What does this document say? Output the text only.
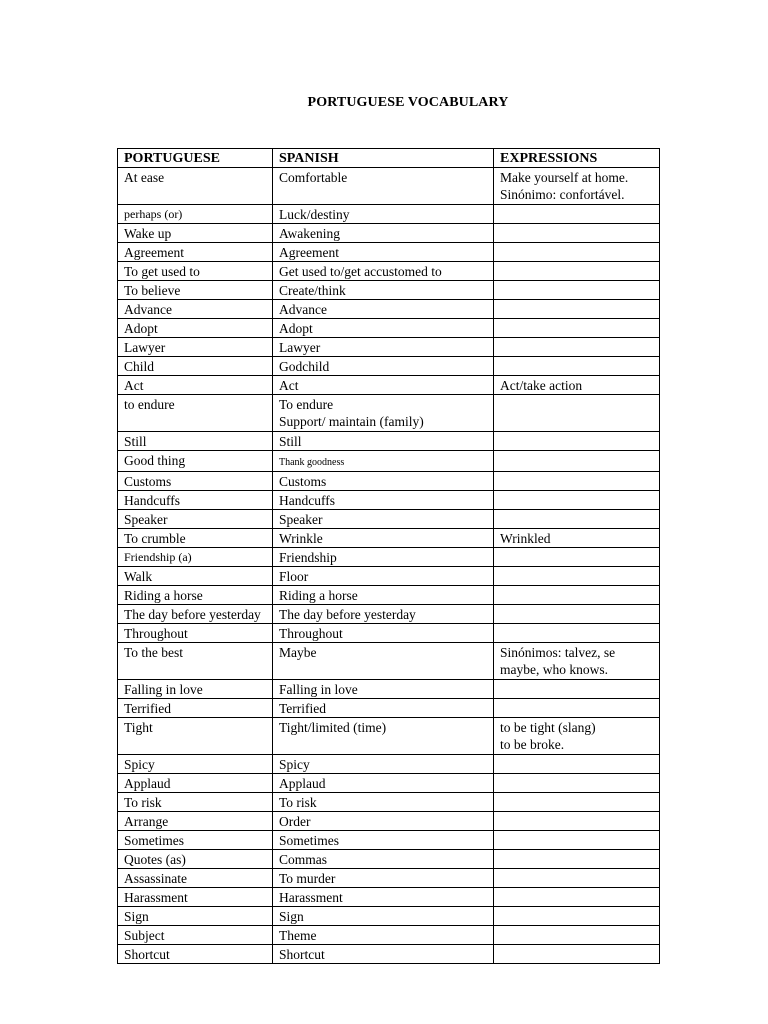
PORTUGUESE VOCABULARY
PORTUGUESE	SPANISH	EXPRESSIONS
At ease	Comfortable	Make yourself at home.
Sinónimo: confortável.

perhaps (or)	Luck/destiny	
Wake up	Awakening	
Agreement	Agreement	
To get used to	Get used to/get accustomed to	
To believe	Create/think	
Advance	Advance	
Adopt	Adopt	
Lawyer	Lawyer	
Child	Godchild	
Act	Act	Act/take action
to endure	To endure
Support/ maintain (family)	

Still	Still	
Good thing	Thank goodness	
Customs	Customs	
Handcuffs	Handcuffs	
Speaker	Speaker	
To crumble	Wrinkle	Wrinkled
Friendship (a)	Friendship	
Walk	Floor	
Riding a horse	Riding a horse	
The day before yesterday	The day before yesterday	
Throughout	Throughout	
To the best	Maybe	Sinónimos: talvez, se
maybe, who knows.

Falling in love	Falling in love	
Terrified	Terrified	
Tight	Tight/limited (time)	to be tight (slang)
to be broke.

Spicy	Spicy	
Applaud	Applaud	
To risk	To risk	
Arrange	Order	
Sometimes	Sometimes	
Quotes (as)	Commas	
Assassinate	To murder	
Harassment	Harassment	
Sign	Sign	
Subject	Theme	
Shortcut	Shortcut	
